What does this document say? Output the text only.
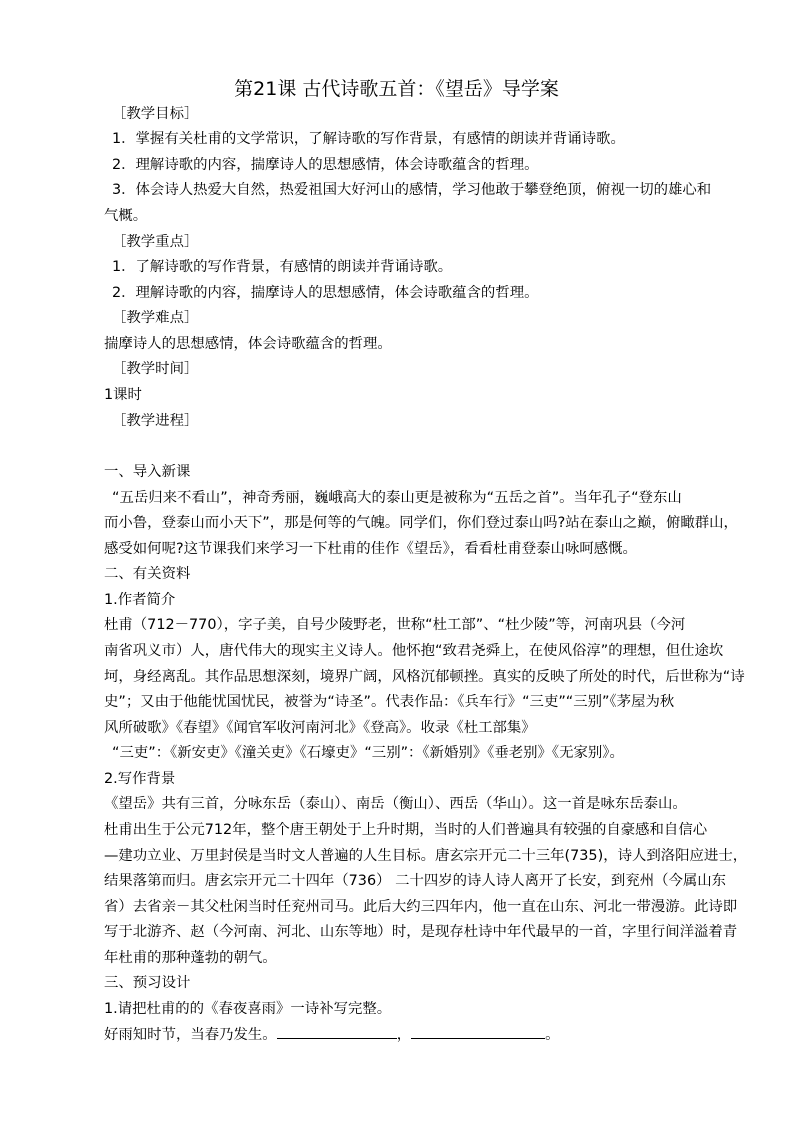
第21课 古代诗歌五首：《望岳》导学案
［教学目标］
1．掌握有关杜甫的文学常识，了解诗歌的写作背景，有感情的朗读并背诵诗歌。
2．理解诗歌的内容，揣摩诗人的思想感情，体会诗歌蕴含的哲理。
3．体会诗人热爱大自然，热爱祖国大好河山的感情，学习他敢于攀登绝顶，俯视一切的雄心和
气概。
［教学重点］
1．了解诗歌的写作背景，有感情的朗读并背诵诗歌。
2．理解诗歌的内容，揣摩诗人的思想感情，体会诗歌蕴含的哲理。
［教学难点］
揣摩诗人的思想感情，体会诗歌蕴含的哲理。
［教学时间］
1课时
［教学进程］
一、导入新课
“五岳归来不看山”，神奇秀丽，巍峨高大的泰山更是被称为“五岳之首”。当年孔子“登东山
而小鲁，登泰山而小天下”，那是何等的气魄。同学们，你们登过泰山吗?站在泰山之巅，俯瞰群山，
感受如何呢?这节课我们来学习一下杜甫的佳作《望岳》，看看杜甫登泰山咏呵感慨。
二、有关资料
1.作者简介
杜甫（712－770），字子美，自号少陵野老，世称“杜工部”、“杜少陵”等，河南巩县（今河
南省巩义市）人，唐代伟大的现实主义诗人。他怀抱“致君尧舜上，在使风俗淳”的理想，但仕途坎
坷，身经离乱。其作品思想深刻，境界广阔，风格沉郁顿挫。真实的反映了所处的时代，后世称为“诗
史”；又由于他能忧国忧民，被誉为“诗圣”。代表作品：《兵车行》“三吏”“三别”《茅屋为秋
风所破歌》《春望》《闻官军收河南河北》《登高》。收录《杜工部集》
“三吏”：《新安吏》《潼关吏》《石壕吏》“三别”：《新婚别》《垂老别》《无家别》。
2.写作背景
《望岳》共有三首，分咏东岳（泰山）、南岳（衡山）、西岳（华山）。这一首是咏东岳泰山。
杜甫出生于公元712年，整个唐王朝处于上升时期，当时的人们普遍具有较强的自豪感和自信心
—建功立业、万里封侯是当时文人普遍的人生目标。唐玄宗开元二十三年(735)，诗人到洛阳应进士，
结果落第而归。唐玄宗开元二十四年（736） 二十四岁的诗人诗人离开了长安，到兖州（今属山东
省）去省亲－其父杜闲当时任兖州司马。此后大约三四年内，他一直在山东、河北一带漫游。此诗即
写于北游齐、赵（今河南、河北、山东等地）时，是现存杜诗中年代最早的一首，字里行间洋溢着青
年杜甫的那种蓬勃的朝气。
三、预习设计
1.请把杜甫的的《春夜喜雨》一诗补写完整。
好雨知时节，当春乃发生。	，	。
